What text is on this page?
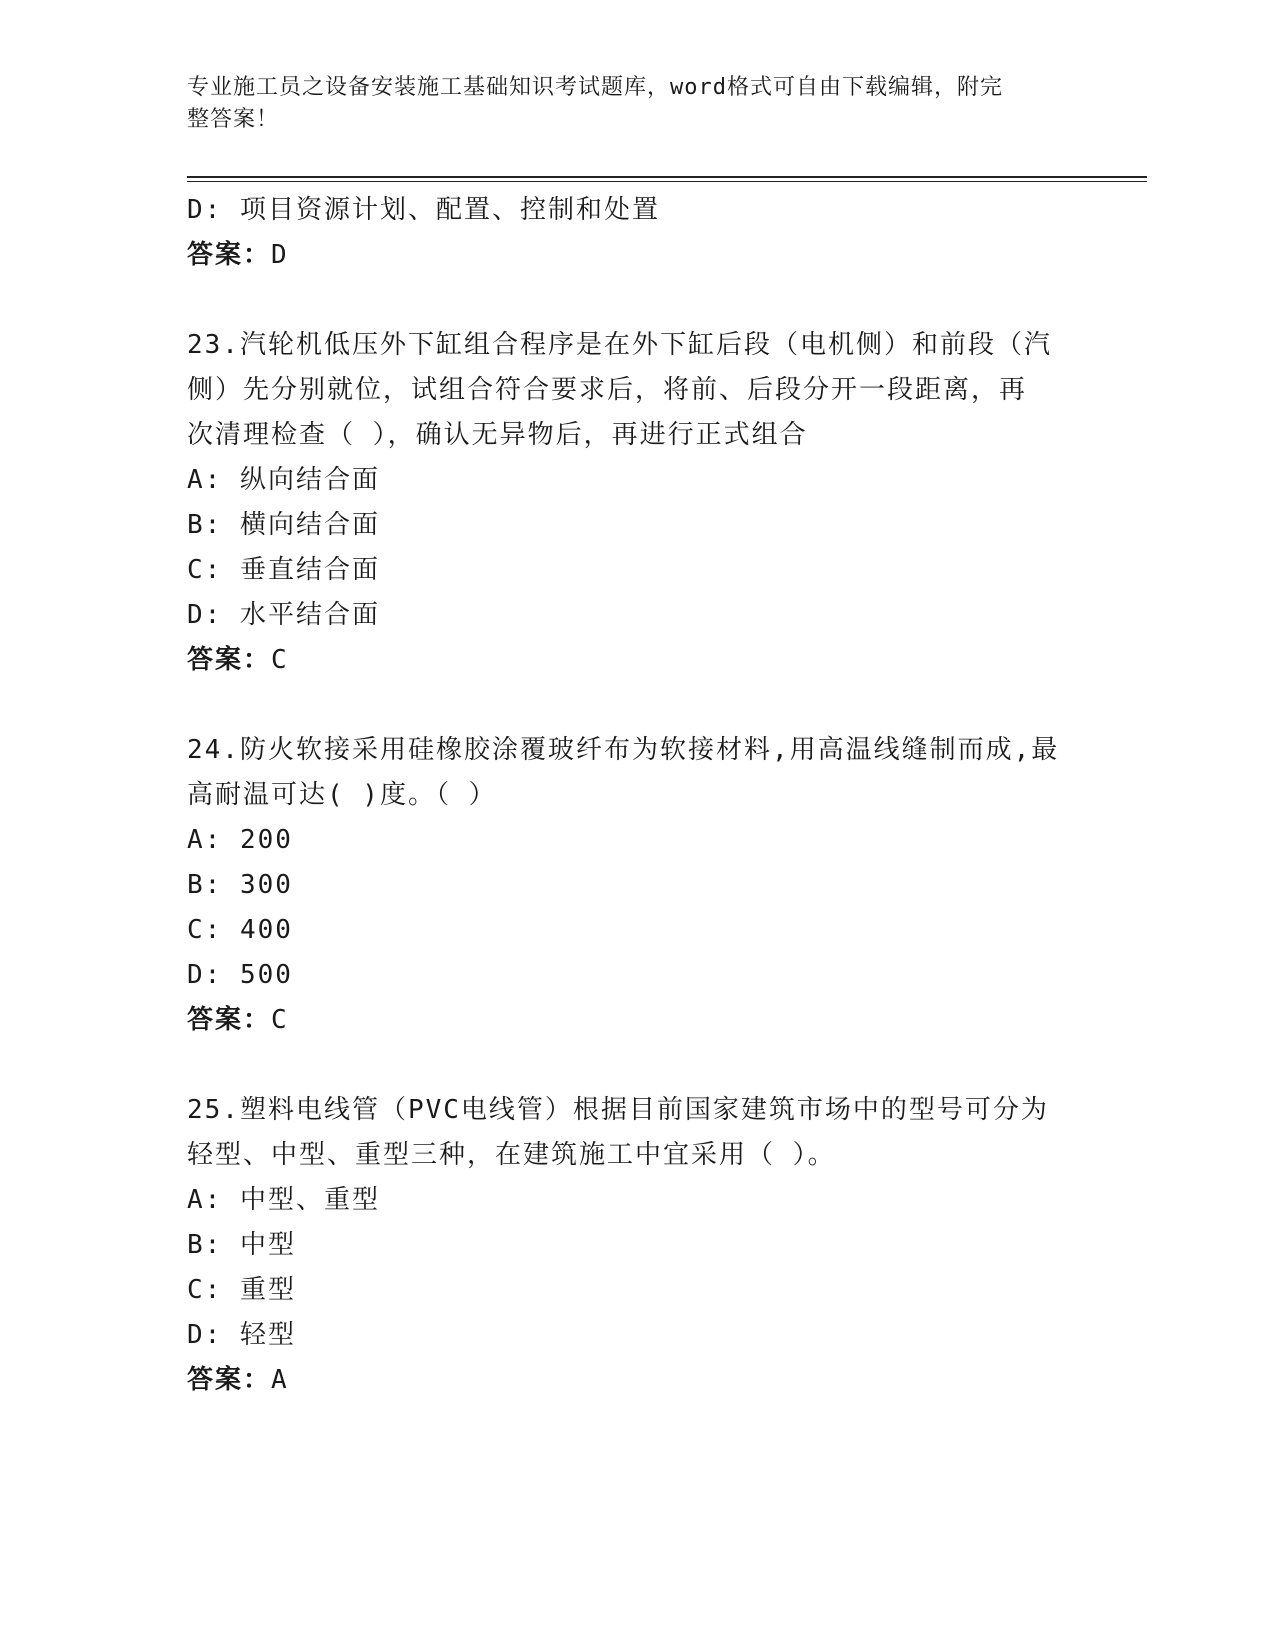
专业施工员之设备安装施工基础知识考试题库，word格式可自由下载编辑，附完
整答案！
D: 项目资源计划、配置、控制和处置
答案：D
23.汽轮机低压外下缸组合程序是在外下缸后段（电机侧）和前段（汽
侧）先分别就位，试组合符合要求后，将前、后段分开一段距离，再
次清理检查（ ），确认无异物后，再进行正式组合
A: 纵向结合面
B: 横向结合面
C: 垂直结合面
D: 水平结合面
答案：C
24.防火软接采用硅橡胶涂覆玻纤布为软接材料,用高温线缝制而成,最
高耐温可达( )度。（ ）
A: 200
B: 300
C: 400
D: 500
答案：C
25.塑料电线管（PVC电线管）根据目前国家建筑市场中的型号可分为
轻型、中型、重型三种，在建筑施工中宜采用（ ）。
A: 中型、重型
B: 中型
C: 重型
D: 轻型
答案：A
